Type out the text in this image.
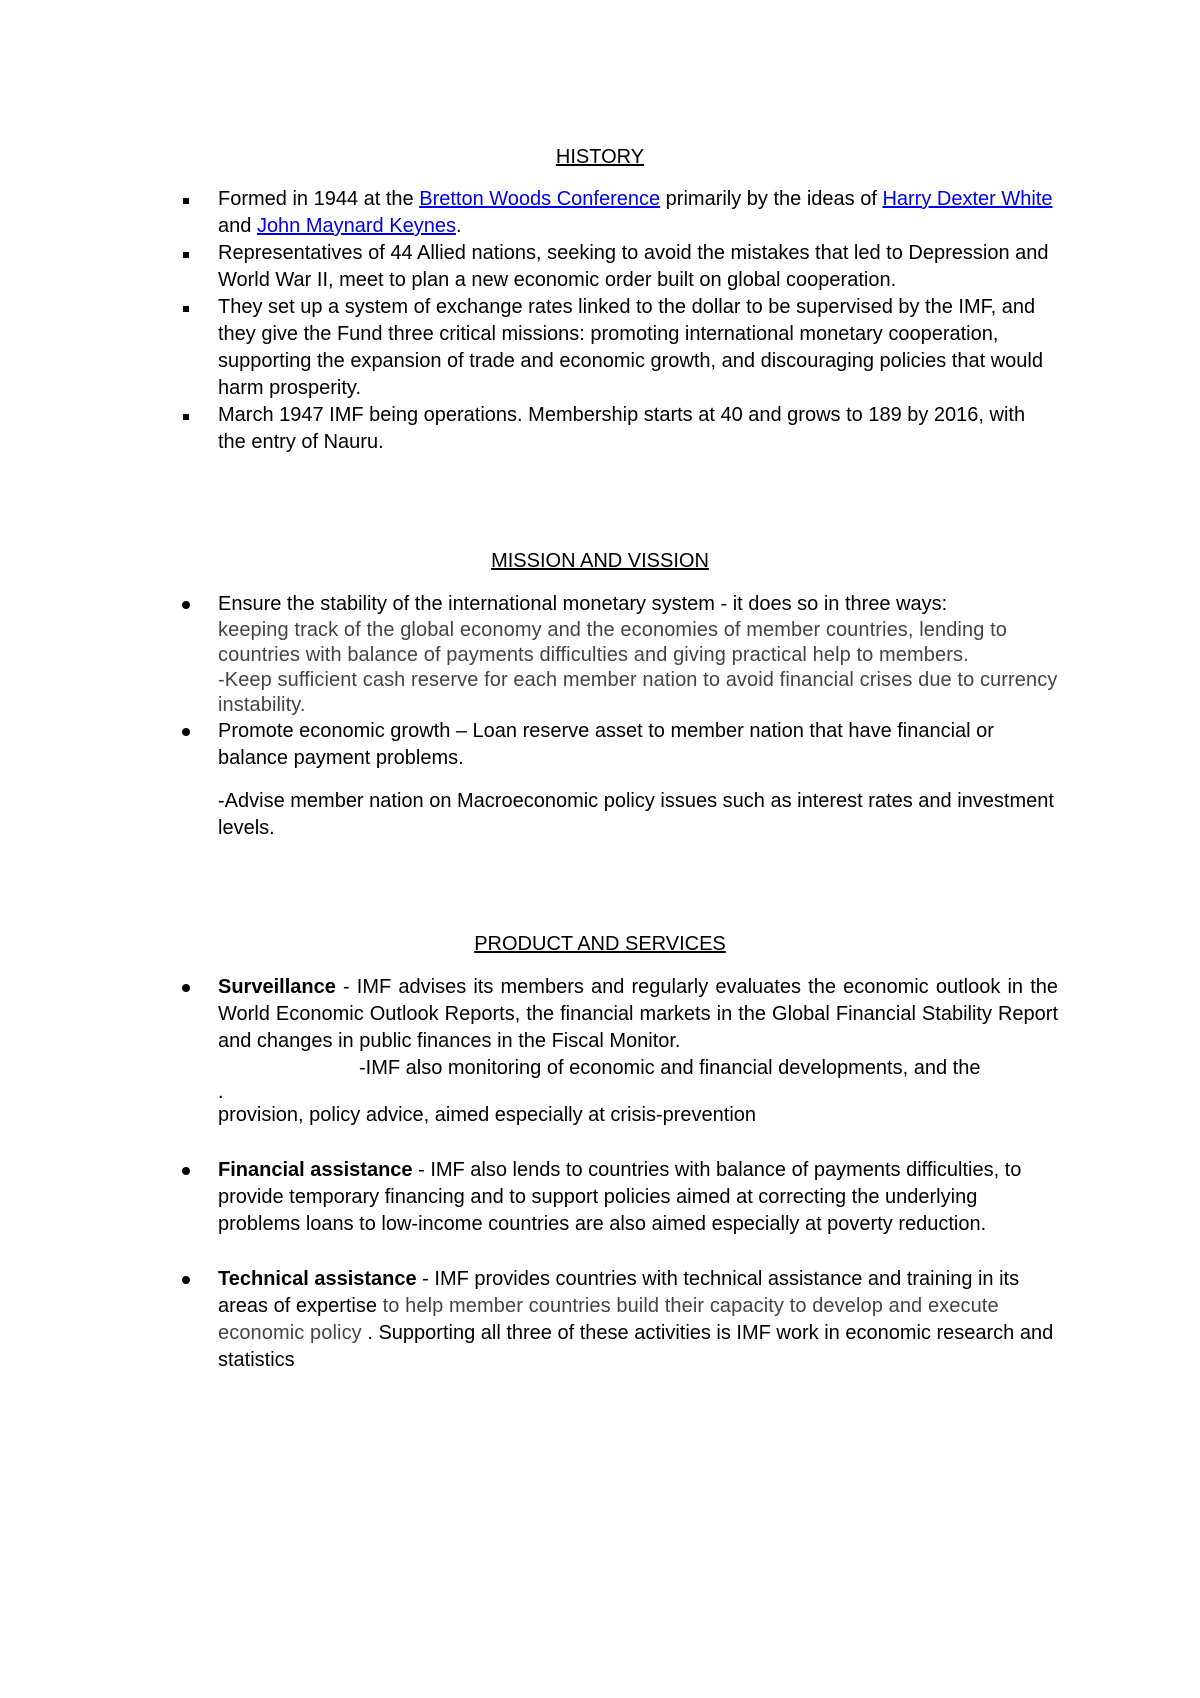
HISTORY
Formed in 1944 at the Bretton Woods Conference primarily by the ideas of Harry Dexter White and John Maynard Keynes.
Representatives of 44 Allied nations, seeking to avoid the mistakes that led to Depression and World War II, meet to plan a new economic order built on global cooperation.
They set up a system of exchange rates linked to the dollar to be supervised by the IMF, and they give the Fund three critical missions: promoting international monetary cooperation, supporting the expansion of trade and economic growth, and discouraging policies that would harm prosperity.
March 1947 IMF being operations. Membership starts at 40 and grows to 189 by 2016, with the entry of Nauru.
MISSION AND VISSION
Ensure the stability of the international monetary system - it does so in three ways:
keeping track of the global economy and the economies of member countries, lending to countries with balance of payments difficulties and giving practical help to members.
-Keep sufficient cash reserve for each member nation to avoid financial crises due to currency instability.
Promote economic growth – Loan reserve asset to member nation that have financial or balance payment problems.
-Advise member nation on Macroeconomic policy issues such as interest rates and investment levels.
PRODUCT AND SERVICES
Surveillance - IMF advises its members and regularly evaluates the economic outlook in the World Economic Outlook Reports, the financial markets in the Global Financial Stability Report and changes in public finances in the Fiscal Monitor.
-IMF also monitoring of economic and financial developments, and the
.
provision, policy advice, aimed especially at crisis-prevention
Financial assistance - IMF also lends to countries with balance of payments difficulties, to provide temporary financing and to support policies aimed at correcting the underlying problems loans to low-income countries are also aimed especially at poverty reduction.
Technical assistance - IMF provides countries with technical assistance and training in its areas of expertise to help member countries build their capacity to develop and execute economic policy . Supporting all three of these activities is IMF work in economic research and statistics
